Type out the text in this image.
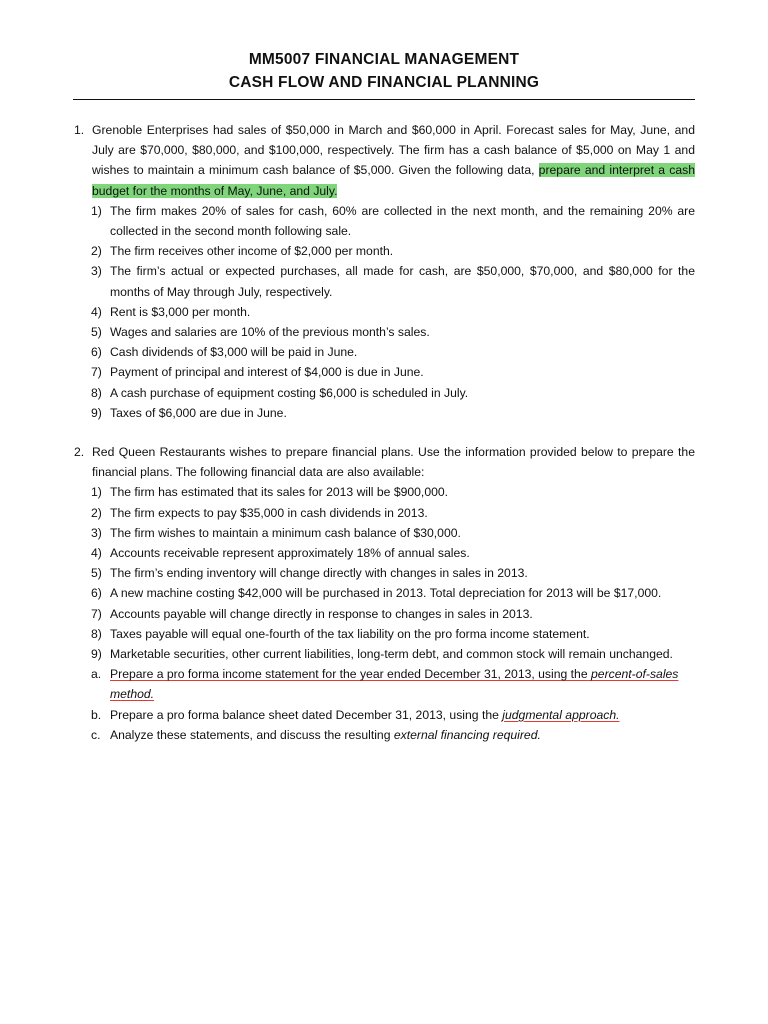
MM5007 FINANCIAL MANAGEMENT
CASH FLOW AND FINANCIAL PLANNING
1. Grenoble Enterprises had sales of $50,000 in March and $60,000 in April. Forecast sales for May, June, and July are $70,000, $80,000, and $100,000, respectively. The firm has a cash balance of $5,000 on May 1 and wishes to maintain a minimum cash balance of $5,000. Given the following data, prepare and interpret a cash budget for the months of May, June, and July.
1) The firm makes 20% of sales for cash, 60% are collected in the next month, and the remaining 20% are collected in the second month following sale.
2) The firm receives other income of $2,000 per month.
3) The firm’s actual or expected purchases, all made for cash, are $50,000, $70,000, and $80,000 for the months of May through July, respectively.
4) Rent is $3,000 per month.
5) Wages and salaries are 10% of the previous month’s sales.
6) Cash dividends of $3,000 will be paid in June.
7) Payment of principal and interest of $4,000 is due in June.
8) A cash purchase of equipment costing $6,000 is scheduled in July.
9) Taxes of $6,000 are due in June.
2. Red Queen Restaurants wishes to prepare financial plans. Use the information provided below to prepare the financial plans. The following financial data are also available:
1) The firm has estimated that its sales for 2013 will be $900,000.
2) The firm expects to pay $35,000 in cash dividends in 2013.
3) The firm wishes to maintain a minimum cash balance of $30,000.
4) Accounts receivable represent approximately 18% of annual sales.
5) The firm’s ending inventory will change directly with changes in sales in 2013.
6) A new machine costing $42,000 will be purchased in 2013. Total depreciation for 2013 will be $17,000.
7) Accounts payable will change directly in response to changes in sales in 2013.
8) Taxes payable will equal one-fourth of the tax liability on the pro forma income statement.
9) Marketable securities, other current liabilities, long-term debt, and common stock will remain unchanged.
a. Prepare a pro forma income statement for the year ended December 31, 2013, using the percent-of-sales method.
b. Prepare a pro forma balance sheet dated December 31, 2013, using the judgmental approach.
c. Analyze these statements, and discuss the resulting external financing required.
